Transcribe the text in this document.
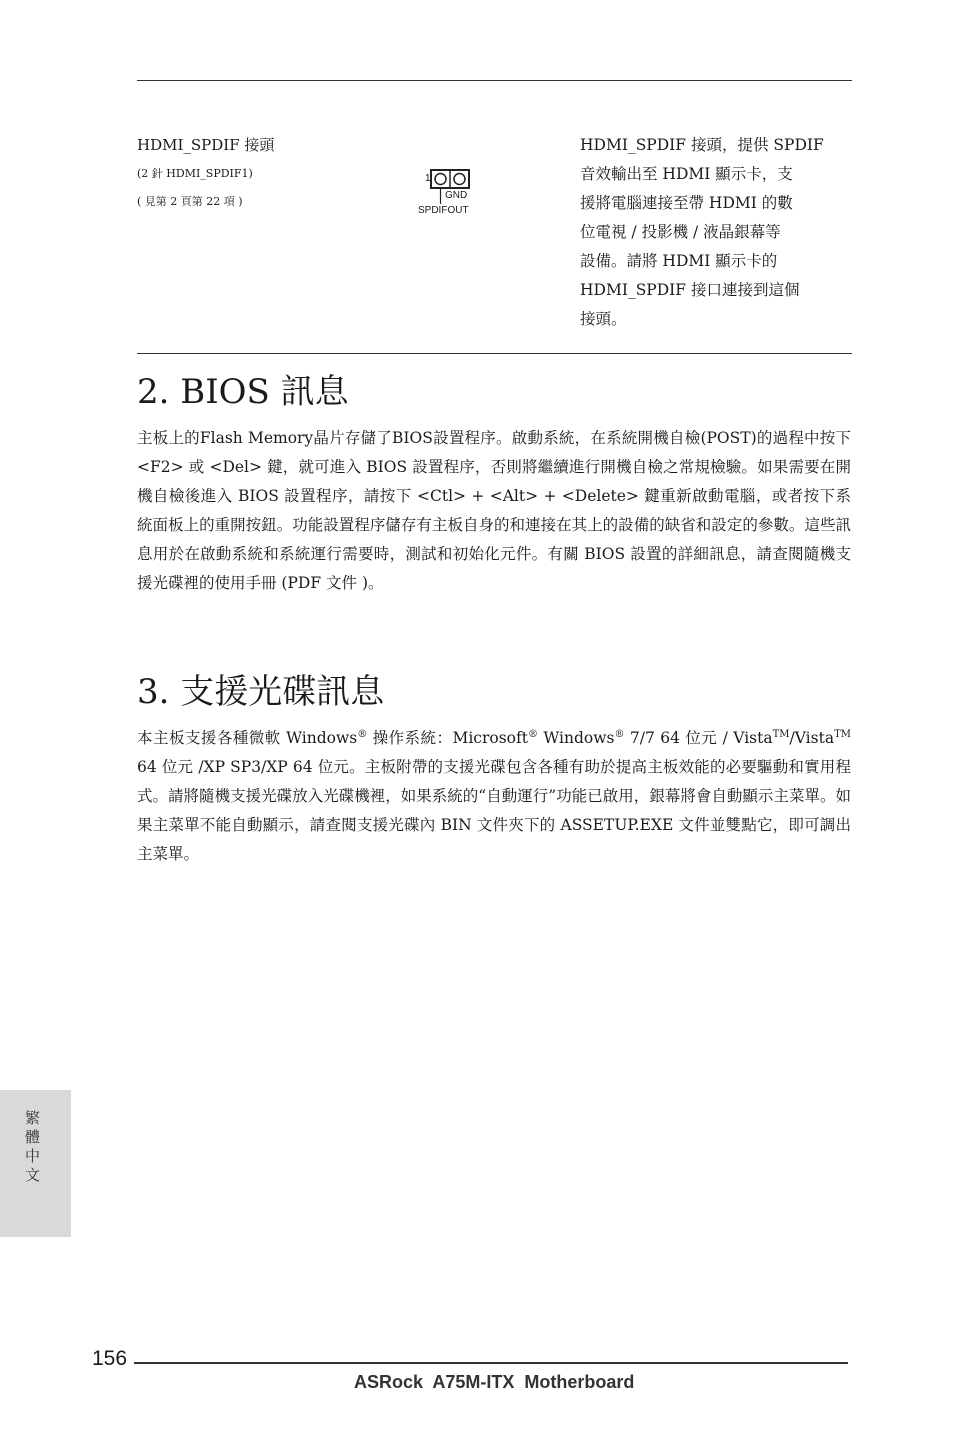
HDMI_SPDIF 接頭
(2 針 HDMI_SPDIF1)
( 見第 2 頁第 22 項 )
1
GND
SPDIFOUT
HDMI_SPDIF 接頭，提供 SPDIF
音效輸出至 HDMI 顯示卡，支
援將電腦連接至帶 HDMI 的數
位電視 / 投影機 / 液晶銀幕等
設備。請將 HDMI 顯示卡的
HDMI_SPDIF 接口連接到這個
接頭。
2. BIOS 訊息

主板上的Flash Memory晶片存儲了BIOS設置程序。啟動系統，在系統開機自檢(POST)的過程中按下 <F2> 或 <Del> 鍵，就可進入 BIOS 設置程序，否則將繼續進行開機自檢之常規檢驗。如果需要在開機自檢後進入 BIOS 設置程序，請按下 <Ctl> + <Alt> + <Delete> 鍵重新啟動電腦，或者按下系統面板上的重開按鈕。功能設置程序儲存有主板自身的和連接在其上的設備的缺省和設定的參數。這些訊息用於在啟動系統和系統運行需要時，測試和初始化元件。有關 BIOS 設置的詳細訊息，請查閱隨機支援光碟裡的使用手冊 (PDF 文件 )。

3. 支援光碟訊息

本主板支援各種微軟 Windows® 操作系統：Microsoft® Windows® 7/7 64 位元 / Vista™/Vista™ 64 位元 /XP SP3/XP 64 位元。主板附帶的支援光碟包含各種有助於提高主板效能的必要驅動和實用程式。請將隨機支援光碟放入光碟機裡，如果系統的“自動運行”功能已啟用，銀幕將會自動顯示主菜單。如果主菜單不能自動顯示，請查閱支援光碟內 BIN 文件夾下的 ASSETUP.EXE 文件並雙點它，即可調出主菜單。

繁體中文
156
ASRock  A75M-ITX  Motherboard
